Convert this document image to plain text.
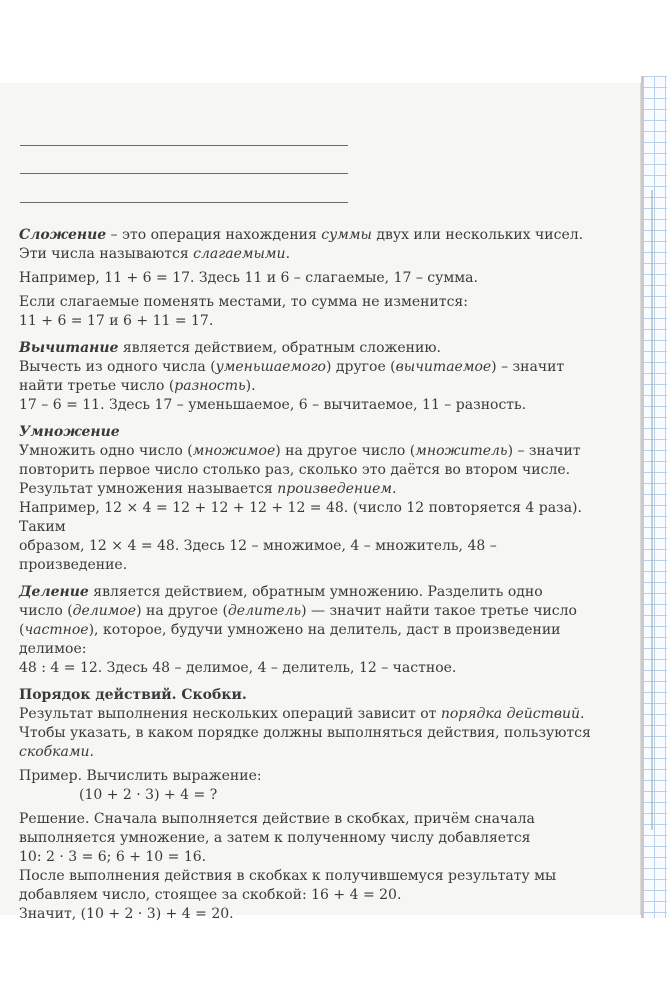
Сложение – это операция нахождения суммы двух или нескольких чисел.

Эти числа называются слагаемыми.

Например, 11 + 6 = 17. Здесь 11 и 6 – слагаемые, 17 – сумма.

Если слагаемые поменять местами, то сумма не изменится:

11 + 6 = 17 и 6 + 11 = 17.

Вычитание является действием, обратным сложению.

Вычесть из одного числа (уменьшаемого) другое (вычитаемое) – значит

найти третье число (разность).

17 – 6 = 11. Здесь 17 – уменьшаемое, 6 – вычитаемое, 11 – разность.

Умножение

Умножить одно число (множимое) на другое число (множитель) – значит

повторить первое число столько раз, сколько это даётся во втором числе.

Результат умножения называется произведением.

Например, 12 × 4 = 12 + 12 + 12 + 12 = 48. (число 12 повторяется 4 раза). Таким

образом, 12 × 4 = 48. Здесь 12 – множимое, 4 – множитель, 48 – произведение.

Деление является действием, обратным умножению. Разделить одно

число (делимое) на другое (делитель) — значит найти такое третье число

(частное), которое, будучи умножено на делитель, даст в произведении

делимое:

48 : 4 = 12. Здесь 48 – делимое, 4 – делитель, 12 – частное.

Порядок действий. Скобки.

Результат выполнения нескольких операций зависит от порядка действий.

Чтобы указать, в каком порядке должны выполняться действия, пользуются

скобками.

Пример. Вычислить выражение:

(10 + 2 · 3) + 4 = ?

Решение. Сначала выполняется действие в скобках, причём сначала

выполняется умножение, а затем к полученному числу добавляется

10: 2 · 3 = 6; 6 + 10 = 16.

После выполнения действия в скобках к получившемуся результату мы

добавляем число, стоящее за скобкой: 16 + 4 = 20.

Значит, (10 + 2 · 3) + 4 = 20.
